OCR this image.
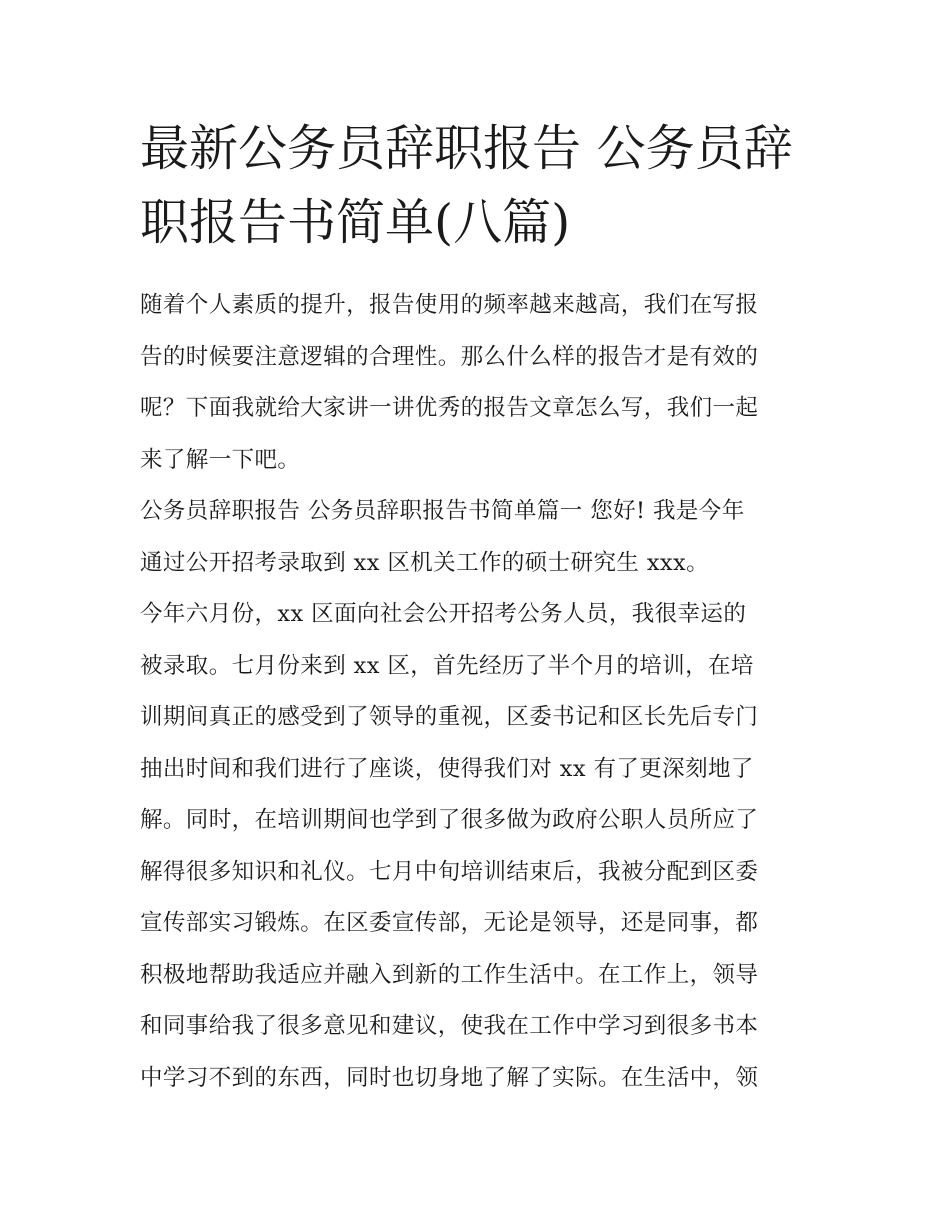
最新公务员辞职报告 公务员辞
职报告书简单(八篇)

随着个人素质的提升，报告使用的频率越来越高，我们在写报
告的时候要注意逻辑的合理性。那么什么样的报告才是有效的
呢？下面我就给大家讲一讲优秀的报告文章怎么写，我们一起
来了解一下吧。

公务员辞职报告 公务员辞职报告书简单篇一 您好! 我是今年
通过公开招考录取到 xx 区机关工作的硕士研究生 xxx。

今年六月份，xx 区面向社会公开招考公务人员，我很幸运的
被录取。七月份来到 xx 区，首先经历了半个月的培训，在培
训期间真正的感受到了领导的重视，区委书记和区长先后专门
抽出时间和我们进行了座谈，使得我们对 xx 有了更深刻地了
解。同时，在培训期间也学到了很多做为政府公职人员所应了
解得很多知识和礼仪。七月中旬培训结束后，我被分配到区委
宣传部实习锻炼。在区委宣传部，无论是领导，还是同事，都
积极地帮助我适应并融入到新的工作生活中。在工作上，领导
和同事给我了很多意见和建议，使我在工作中学习到很多书本
中学习不到的东西，同时也切身地了解了实际。在生活中，领
